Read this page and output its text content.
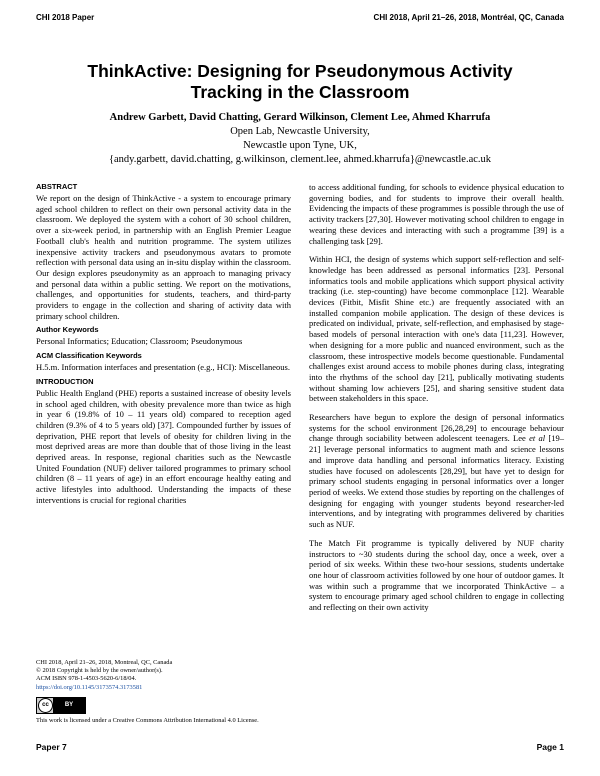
CHI 2018 Paper	CHI 2018, April 21–26, 2018, Montréal, QC, Canada
ThinkActive: Designing for Pseudonymous Activity
Tracking in the Classroom
Andrew Garbett, David Chatting, Gerard Wilkinson, Clement Lee, Ahmed Kharrufa
Open Lab, Newcastle University,
Newcastle upon Tyne, UK,
{andy.garbett, david.chatting, g.wilkinson, clement.lee, ahmed.kharrufa}@newcastle.ac.uk
ABSTRACT

We report on the design of ThinkActive - a system to encourage primary aged school children to reflect on their own personal activity data in the classroom. We deployed the system with a cohort of 30 school children, over a six-week period, in partnership with an English Premier League Football club's health and nutrition programme. The system utilizes inexpensive activity trackers and pseudonymous avatars to promote reflection with personal data using an in-situ display within the classroom. Our design explores pseudonymity as an approach to managing privacy and personal data within a public setting. We report on the motivations, challenges, and opportunities for students, teachers, and third-party providers to engage in the collection and sharing of activity data with primary school children.

Author Keywords

Personal Informatics; Education; Classroom; Pseudonymous

ACM Classification Keywords

H.5.m. Information interfaces and presentation (e.g., HCI): Miscellaneous.

INTRODUCTION

Public Health England (PHE) reports a sustained increase of obesity levels in school aged children, with obesity prevalence more than twice as high in year 6 (19.8% of 10 – 11 years old) compared to reception aged children (9.3% of 4 to 5 years old) [37]. Compounded further by issues of deprivation, PHE report that levels of obesity for children living in the most deprived areas are more than double that of those living in the least deprived areas. In response, regional charities such as the Newcastle United Foundation (NUF) deliver tailored programmes to primary school children (8 – 11 years of age) in an effort encourage healthy eating and active lifestyles into adulthood. Understanding the impacts of these interventions is crucial for regional charities

CHI 2018, April 21–26, 2018, Montreal, QC, Canada
© 2018 Copyright is held by the owner/author(s).
ACM ISBN 978-1-4503-5620-6/18/04.
https://doi.org/10.1145/3173574.3173581
cc	BY
This work is licensed under a Creative Commons Attribution International 4.0 License.

to access additional funding, for schools to evidence physical education to governing bodies, and for students to improve their overall health. Evidencing the impacts of these programmes is possible through the use of activity trackers [27,30]. However motivating school children to engage in wearing these devices and interacting with such a programme [39] is a challenging task [29].

Within HCI, the design of systems which support self-reflection and self-knowledge has been addressed as personal informatics [23]. Personal informatics tools and mobile applications which support physical activity tracking (i.e. step-counting) have become commonplace [12]. Wearable devices (Fitbit, Misfit Shine etc.) are frequently associated with an installed companion mobile application. The design of these devices is predicated on individual, private, self-reflection, and emphasised by stage-based models of personal interaction with one's data [11,23]. However, when designing for a more public and nuanced environment, such as the classroom, these introspective models become questionable. Fundamental challenges exist around access to mobile phones during class, integrating into the rhythms of the school day [21], publically motivating students without shaming low achievers [25], and sharing sensitive student data between stakeholders in this space.

Researchers have begun to explore the design of personal informatics systems for the school environment [26,28,29] to encourage behaviour change through sociability between adolescent teenagers. Lee et al [19–21] leverage personal informatics to augment math and science lessons and improve data handling and personal informatics literacy. Existing studies have focused on adolescents [28,29], but have yet to design for primary school students engaging in personal informatics over a longer period of weeks. We extend those studies by reporting on the challenges of designing for engaging with younger students beyond researcher-led interventions, and by integrating with programmes delivered by charities such as NUF.

The Match Fit programme is typically delivered by NUF charity instructors to ~30 students during the school day, once a week, over a period of six weeks. Within these two-hour sessions, students undertake one hour of classroom activities followed by one hour of outdoor games. It was within such a programme that we incorporated ThinkActive – a system to encourage primary aged school children to engage in collecting and reflecting on their own activity

Paper 7	Page 1
